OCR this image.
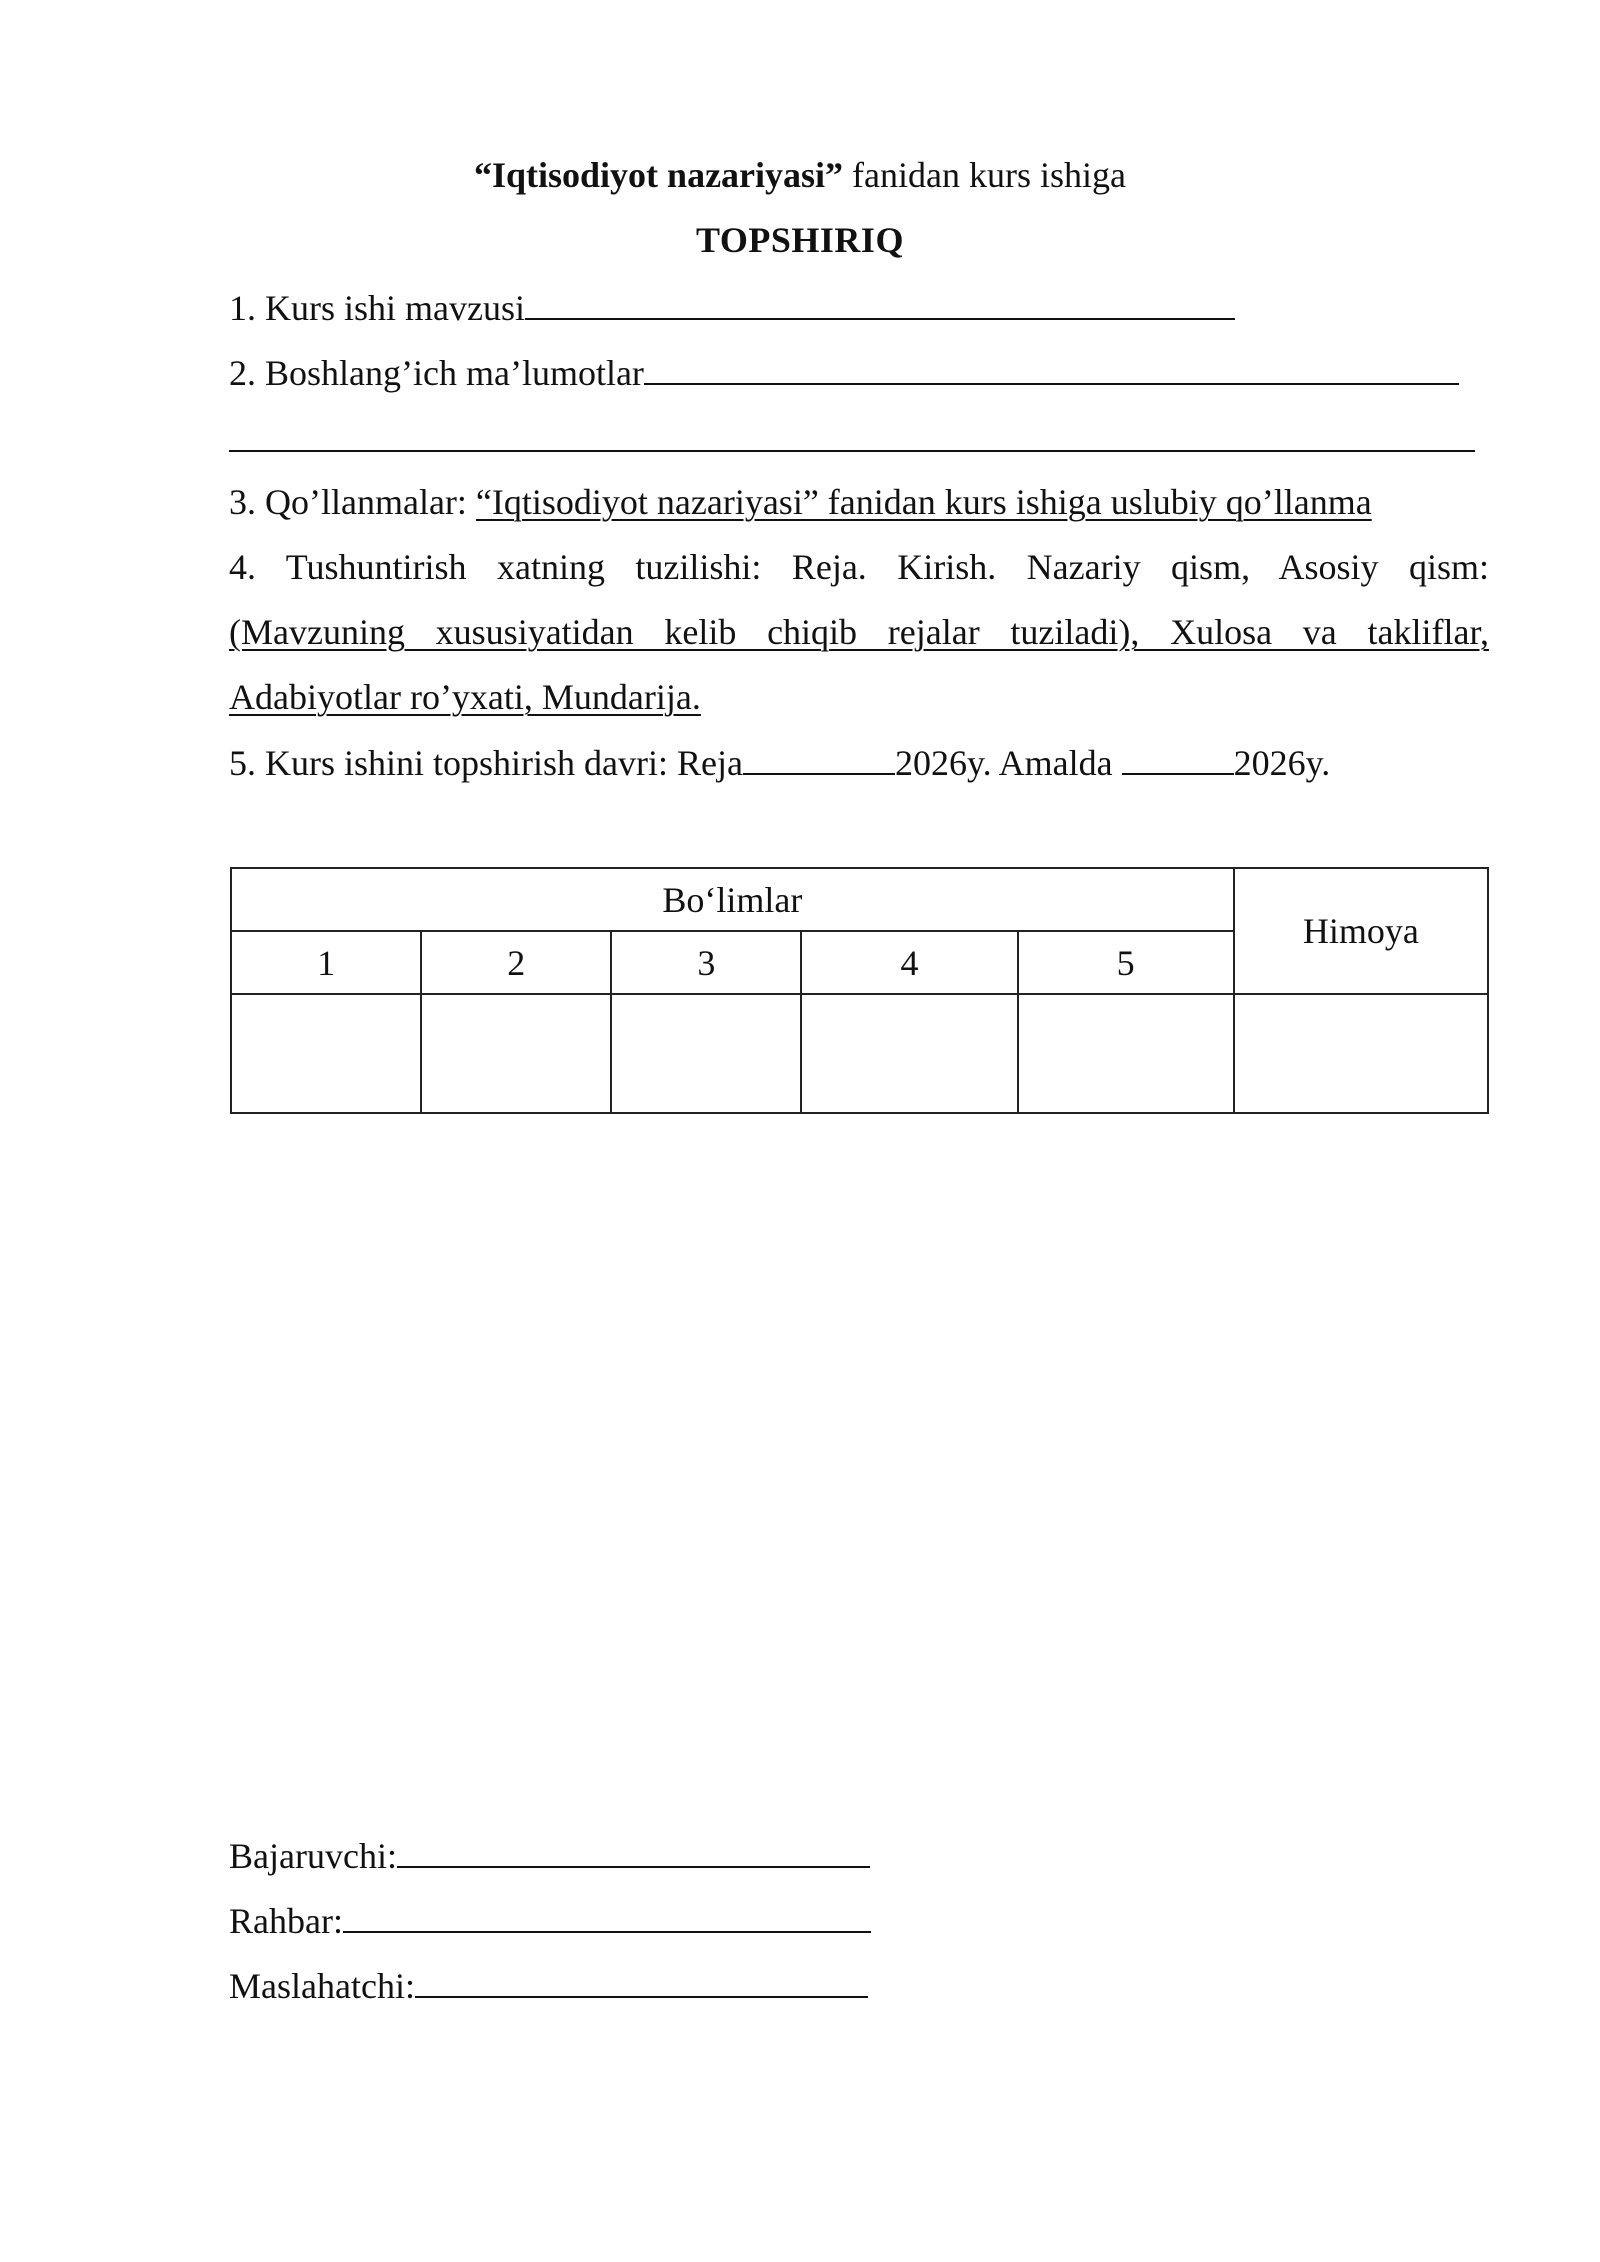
“Iqtisodiyot nazariyasi” fanidan kurs ishiga
TOPSHIRIQ
1. Kurs ishi mavzusi
2. Boshlang’ich ma’lumotlar
3. Qo’llanmalar: “Iqtisodiyot nazariyasi” fanidan kurs ishiga uslubiy qo’llanma
4. Tushuntirish xatning tuzilishi: Reja. Kirish. Nazariy qism, Asosiy qism:
(Mavzuning xususiyatidan kelib chiqib rejalar tuziladi), Xulosa va takliflar,
Adabiyotlar ro’yxati, Mundarija.
5. Kurs ishini topshirish davri: Reja	2026y. Amalda	2026y.
Bo‘limlar					Himoya
1	2	3	4	5	

Bajaruvchi:
Rahbar:
Maslahatchi:
